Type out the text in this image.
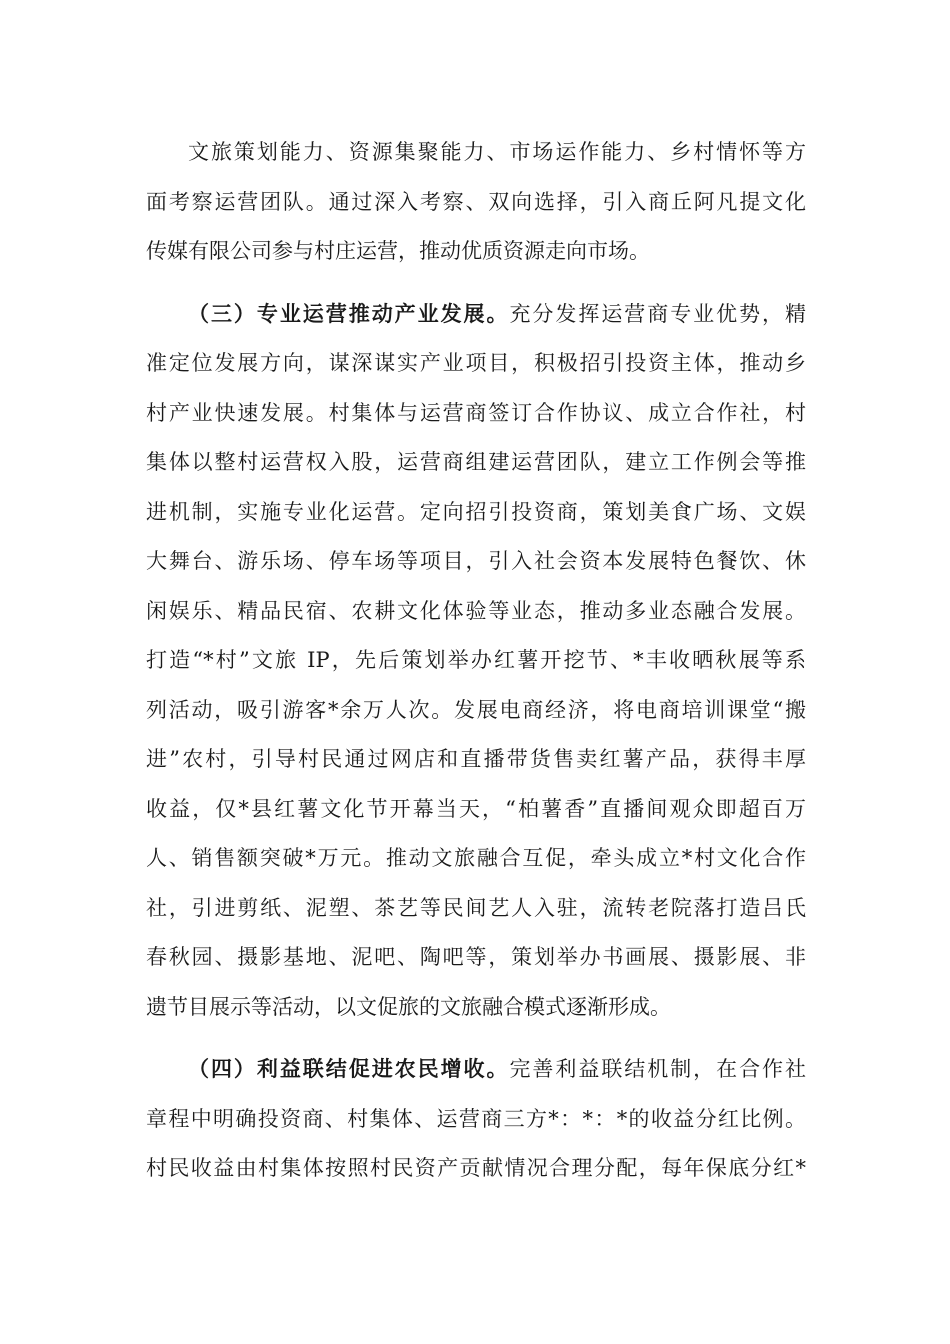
文旅策划能力、资源集聚能力、市场运作能力、乡村情怀等方
面考察运营团队。通过深入考察、双向选择，引入商丘阿凡提文化
传媒有限公司参与村庄运营，推动优质资源走向市场。
（三）专业运营推动产业发展。充分发挥运营商专业优势，精
准定位发展方向，谋深谋实产业项目，积极招引投资主体，推动乡
村产业快速发展。村集体与运营商签订合作协议、成立合作社，村
集体以整村运营权入股，运营商组建运营团队，建立工作例会等推
进机制，实施专业化运营。定向招引投资商，策划美食广场、文娱
大舞台、游乐场、停车场等项目，引入社会资本发展特色餐饮、休
闲娱乐、精品民宿、农耕文化体验等业态，推动多业态融合发展。
打造“*村”文旅 IP，先后策划举办红薯开挖节、*丰收晒秋展等系
列活动，吸引游客*余万人次。发展电商经济，将电商培训课堂“搬
进”农村，引导村民通过网店和直播带货售卖红薯产品，获得丰厚
收益，仅*县红薯文化节开幕当天，“柏薯香”直播间观众即超百万
人、销售额突破*万元。推动文旅融合互促，牵头成立*村文化合作
社，引进剪纸、泥塑、茶艺等民间艺人入驻，流转老院落打造吕氏
春秋园、摄影基地、泥吧、陶吧等，策划举办书画展、摄影展、非
遗节目展示等活动，以文促旅的文旅融合模式逐渐形成。
（四）利益联结促进农民增收。完善利益联结机制，在合作社
章程中明确投资商、村集体、运营商三方*：*：*的收益分红比例。
村民收益由村集体按照村民资产贡献情况合理分配，每年保底分红*
